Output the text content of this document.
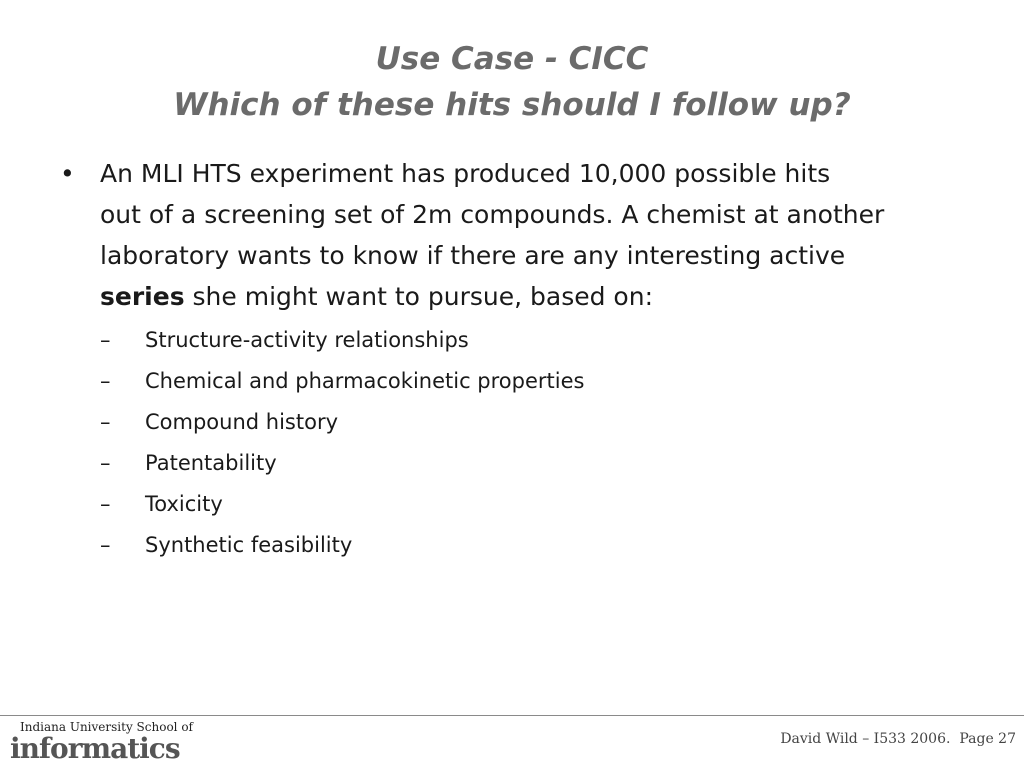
Use Case - CICC
Which of these hits should I follow up?
• An MLI HTS experiment has produced 10,000 possible hits
out of a screening set of 2m compounds. A chemist at another
laboratory wants to know if there are any interesting active
series she might want to pursue, based on:
– Structure-activity relationships
– Chemical and pharmacokinetic properties
– Compound history
– Patentability
– Toxicity
– Synthetic feasibility
Indiana University School of
informatics	David Wild – I533 2006.  Page 27
